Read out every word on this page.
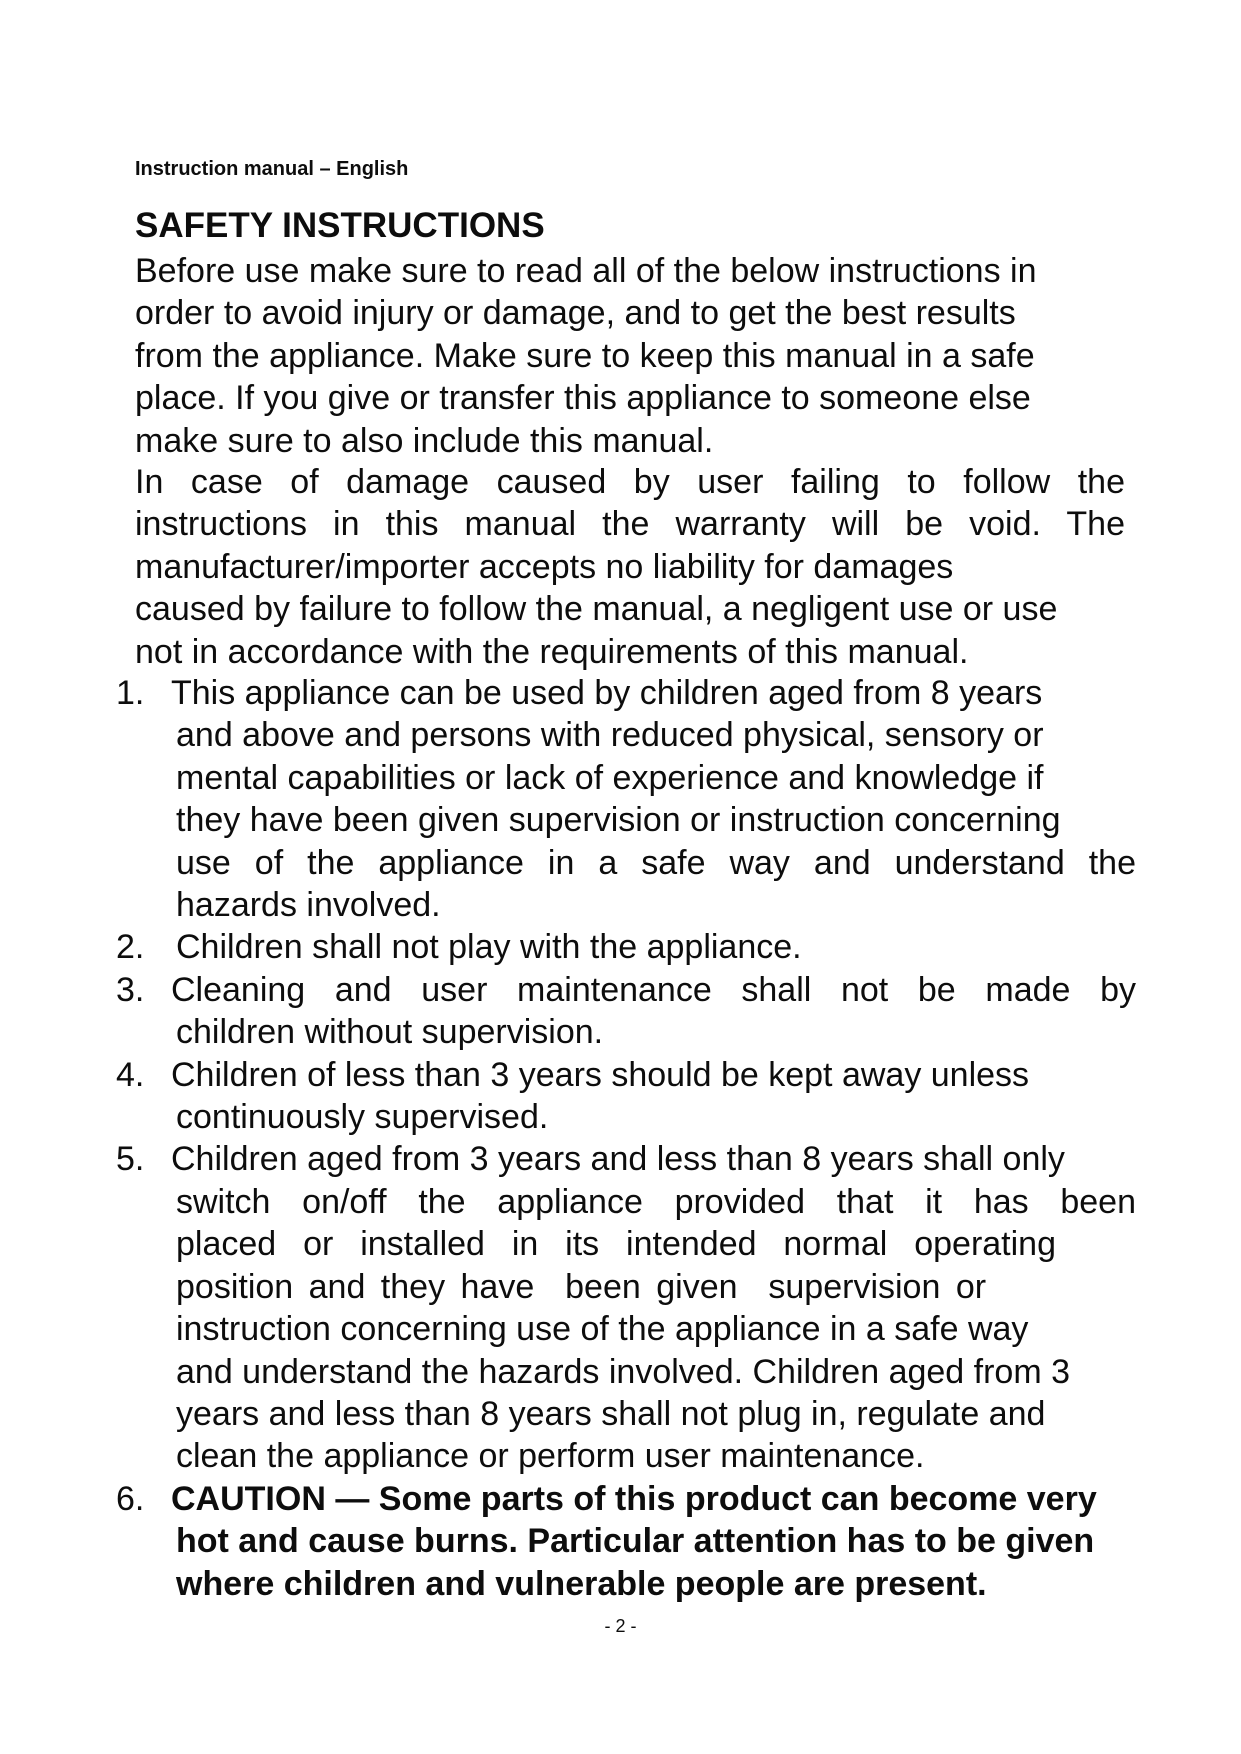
Instruction manual – English
SAFETY INSTRUCTIONS
Before use make sure to read all of the below instructions in
order to avoid injury or damage, and to get the best results
from the appliance. Make sure to keep this manual in a safe
place. If you give or transfer this appliance to someone else
make sure to also include this manual.
In case of damage caused by user failing to follow the
instructions in this manual the warranty will be void. The
manufacturer/importer accepts no liability for damages
caused by failure to follow the manual, a negligent use or use
not in accordance with the requirements of this manual.
1. This appliance can be used by children aged from 8 years
and above and persons with reduced physical, sensory or
mental capabilities or lack of experience and knowledge if
they have been given supervision or instruction concerning
use of the appliance in a safe way and understand the
hazards involved.
2. Children shall not play with the appliance.
3. Cleaning and user maintenance shall not be made by
children without supervision.
4. Children of less than 3 years should be kept away unless
continuously supervised.
5. Children aged from 3 years and less than 8 years shall only
switch on/off the appliance provided that it has been
placed or installed in its intended normal operating
position and they have  been given  supervision or
instruction concerning use of the appliance in a safe way
and understand the hazards involved. Children aged from 3
years and less than 8 years shall not plug in, regulate and
clean the appliance or perform user maintenance.
6. CAUTION — Some parts of this product can become very
hot and cause burns. Particular attention has to be given
where children and vulnerable people are present.
- 2 -
